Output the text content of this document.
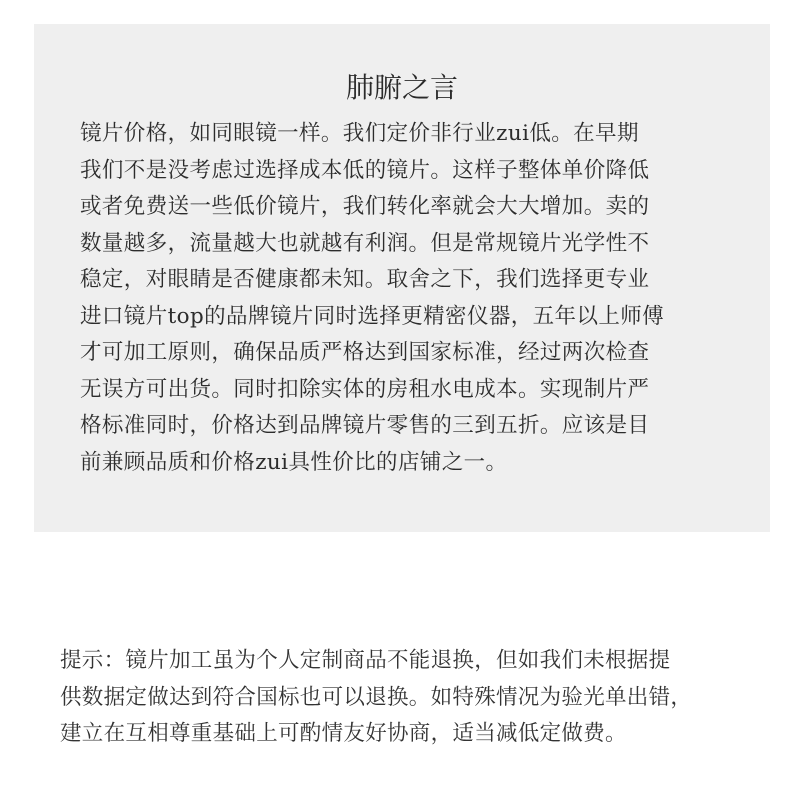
肺腑之言
镜片价格，如同眼镜一样。我们定价非行业zui低。在早期
我们不是没考虑过选择成本低的镜片。这样子整体单价降低
或者免费送一些低价镜片，我们转化率就会大大增加。卖的
数量越多，流量越大也就越有利润。但是常规镜片光学性不
稳定，对眼睛是否健康都未知。取舍之下，我们选择更专业
进口镜片top的品牌镜片同时选择更精密仪器，五年以上师傅
才可加工原则，确保品质严格达到国家标准，经过两次检查
无误方可出货。同时扣除实体的房租水电成本。实现制片严
格标准同时，价格达到品牌镜片零售的三到五折。应该是目
前兼顾品质和价格zui具性价比的店铺之一。
提示：镜片加工虽为个人定制商品不能退换，但如我们未根据提
供数据定做达到符合国标也可以退换。如特殊情况为验光单出错，
建立在互相尊重基础上可酌情友好协商，适当减低定做费。
